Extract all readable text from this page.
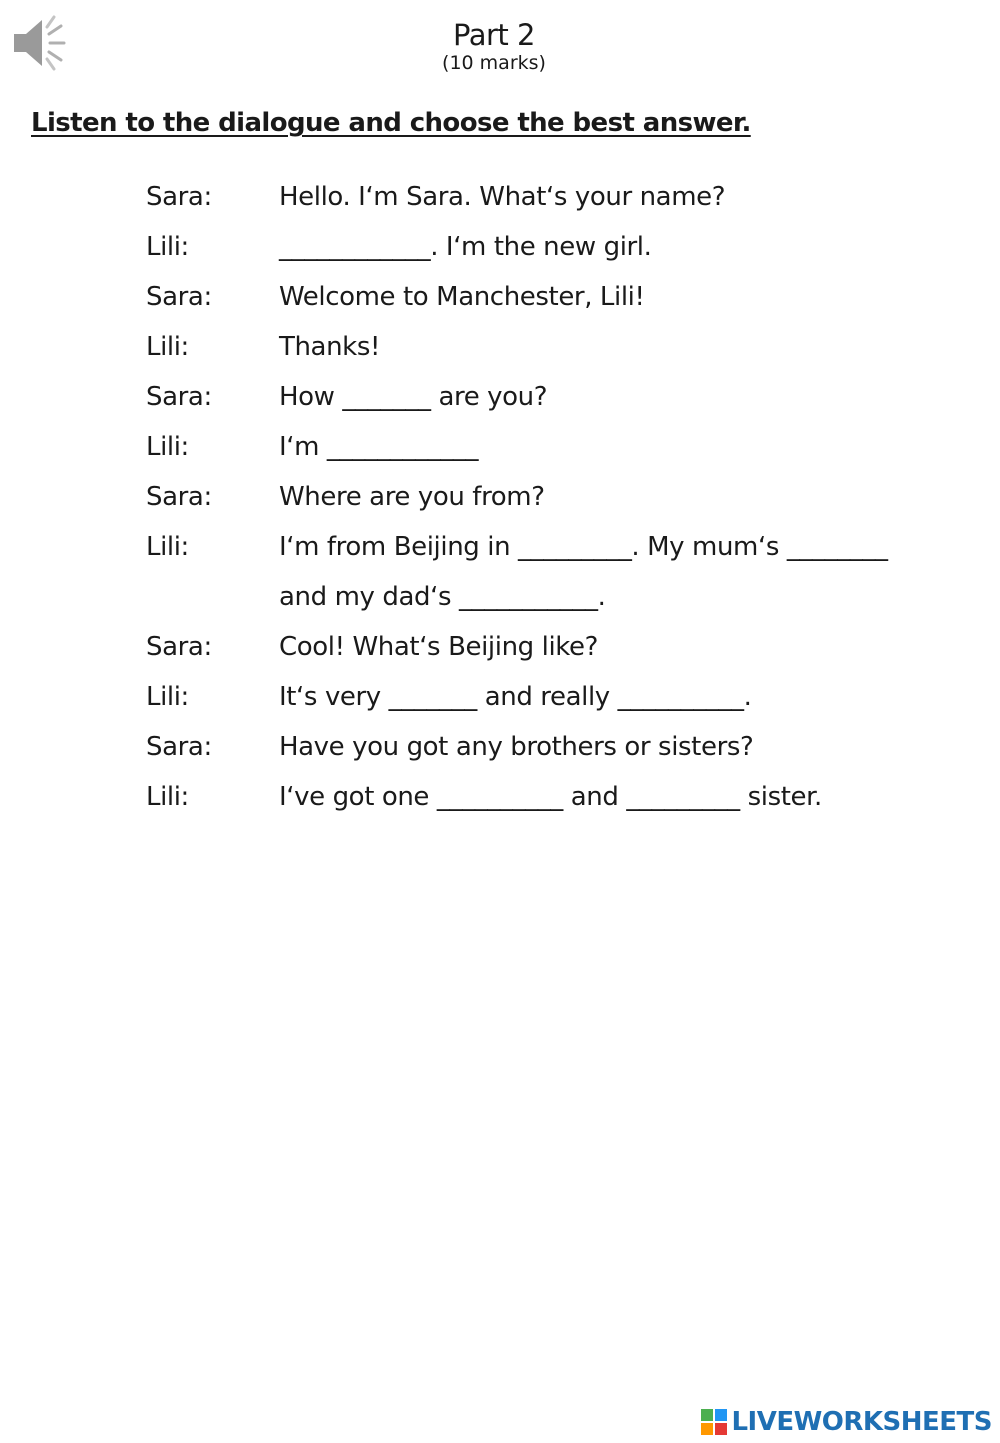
Part 2
(10 marks)
Listen to the dialogue and choose the best answer.
Sara:	Hello. I‘m Sara. What‘s your name?
Lili:	____________. I‘m the new girl.
Sara:	Welcome to Manchester, Lili!
Lili:	Thanks!
Sara:	How _______ are you?
Lili:	I‘m ____________
Sara:	Where are you from?
Lili:	I‘m from Beijing in _________. My mum‘s ________
and my dad‘s ___________.
Sara:	Cool! What‘s Beijing like?
Lili:	It‘s very _______ and really __________.
Sara:	Have you got any brothers or sisters?
Lili:	I‘ve got one __________ and _________ sister.
LIVEWORKSHEETS
